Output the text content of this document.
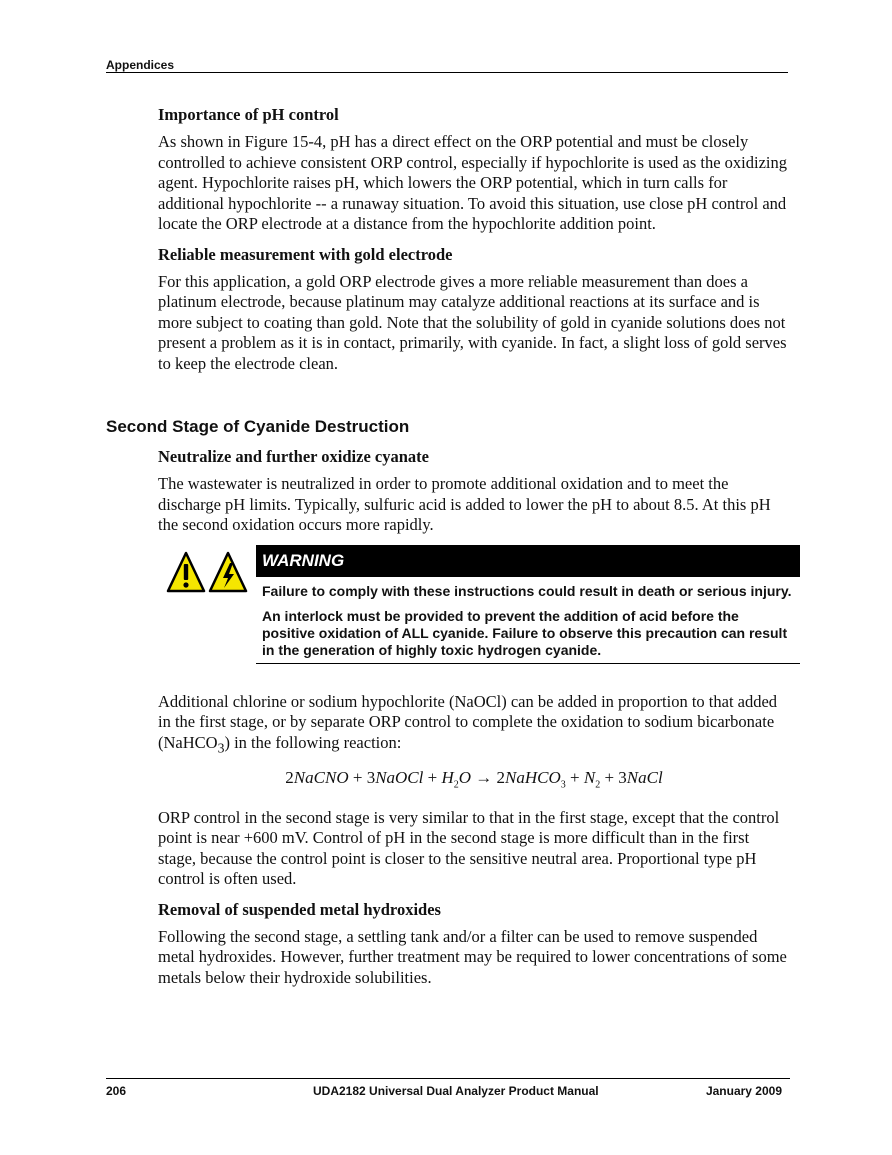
Appendices
Importance of pH control

As shown in Figure 15-4, pH has a direct effect on the ORP potential and must be closely controlled to achieve consistent ORP control, especially if hypochlorite is used as the oxidizing agent. Hypochlorite raises pH, which lowers the ORP potential, which in turn calls for additional hypochlorite -- a runaway situation. To avoid this situation, use close pH control and locate the ORP electrode at a distance from the hypochlorite addition point.

Reliable measurement with gold electrode

For this application, a gold ORP electrode gives a more reliable measurement than does a platinum electrode, because platinum may catalyze additional reactions at its surface and is more subject to coating than gold. Note that the solubility of gold in cyanide solutions does not present a problem as it is in contact, primarily, with cyanide. In fact, a slight loss of gold serves to keep the electrode clean.

Second Stage of Cyanide Destruction
Neutralize and further oxidize cyanate

The wastewater is neutralized in order to promote additional oxidation and to meet the discharge pH limits. Typically, sulfuric acid is added to lower the pH to about 8.5. At this pH the second oxidation occurs more rapidly.

WARNING

Failure to comply with these instructions could result in death or serious injury.

An interlock must be provided to prevent the addition of acid before the positive oxidation of ALL cyanide. Failure to observe this precaution can result in the generation of highly toxic hydrogen cyanide.

Additional chlorine or sodium hypochlorite (NaOCl) can be added in proportion to that added in the first stage, or by separate ORP control to complete the oxidation to sodium bicarbonate (NaHCO$_3$) in the following reaction:

2NaCNO + 3NaOCl + $H_2O$ → 2NaHCO$_3$ + $N_2$ + 3NaCl

ORP control in the second stage is very similar to that in the first stage, except that the control point is near +600 mV. Control of pH in the second stage is more difficult than in the first stage, because the control point is closer to the sensitive neutral area. Proportional type pH control is often used.

Removal of suspended metal hydroxides

Following the second stage, a settling tank and/or a filter can be used to remove suspended metal hydroxides. However, further treatment may be required to lower concentrations of some metals below their hydroxide solubilities.

206	UDA2182 Universal Dual Analyzer Product Manual	January 2009
